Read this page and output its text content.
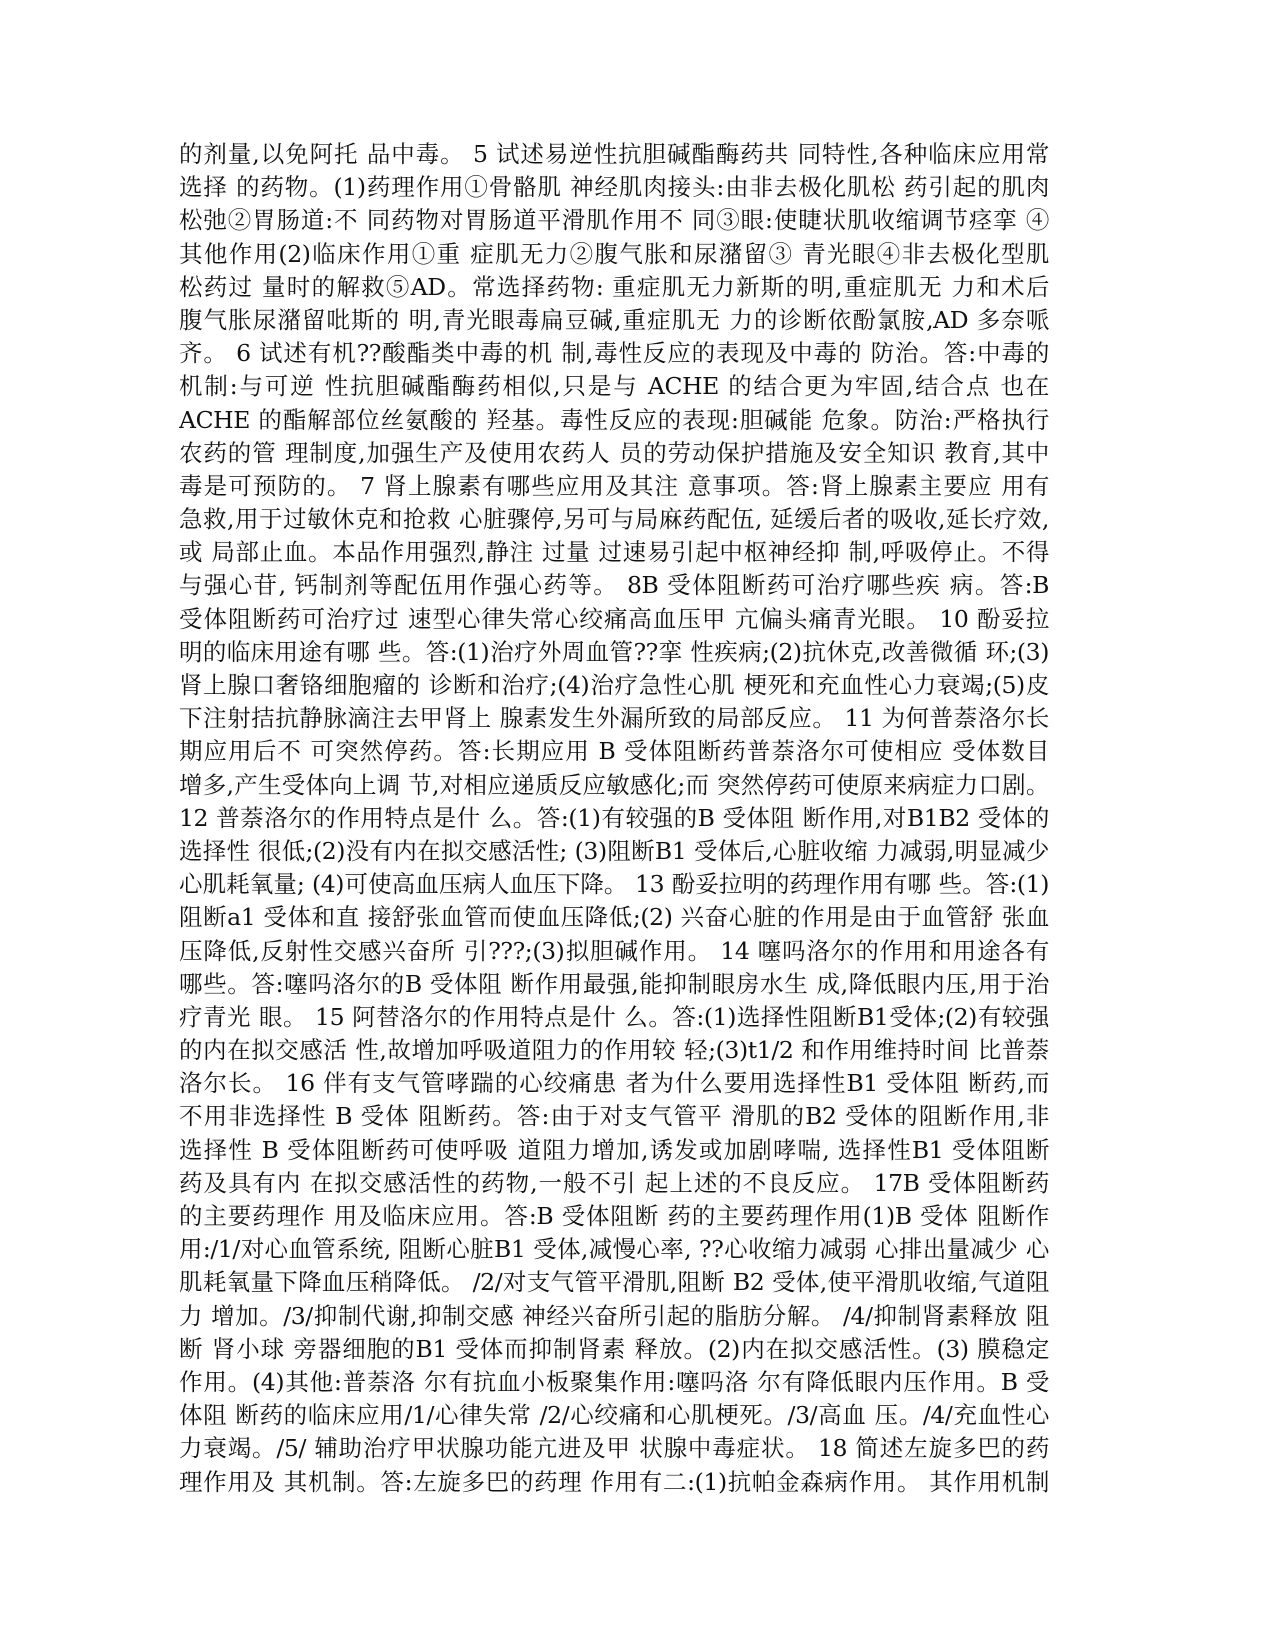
的剂量,以免阿托 品中毒。 5 试述易逆性抗胆碱酯酶药共 同特性,各种临床应用常
选择 的药物。(1)药理作用①骨骼肌 神经肌肉接头:由非去极化肌松 药引起的肌肉
松弛②胃肠道:不 同药物对胃肠道平滑肌作用不 同③眼:使睫状肌收缩调节痉挛 ④
其他作用(2)临床作用①重 症肌无力②腹气胀和尿潴留③ 青光眼④非去极化型肌
松药过 量时的解救⑤AD。常选择药物: 重症肌无力新斯的明,重症肌无 力和术后
腹气胀尿潴留吡斯的 明,青光眼毒扁豆碱,重症肌无 力的诊断依酚氯胺,AD 多奈哌
齐。 6 试述有机??酸酯类中毒的机 制,毒性反应的表现及中毒的 防治。答:中毒的
机制:与可逆 性抗胆碱酯酶药相似,只是与 ACHE 的结合更为牢固,结合点 也在
ACHE 的酯解部位丝氨酸的 羟基。毒性反应的表现:胆碱能 危象。防治:严格执行
农药的管 理制度,加强生产及使用农药人 员的劳动保护措施及安全知识 教育,其中
毒是可预防的。 7 肾上腺素有哪些应用及其注 意事项。答:肾上腺素主要应 用有
急救,用于过敏休克和抢救 心脏骤停,另可与局麻药配伍, 延缓后者的吸收,延长疗效,
或 局部止血。本品作用强烈,静注 过量 过速易引起中枢神经抑 制,呼吸停止。不得
与强心苷, 钙制剂等配伍用作强心药等。 8B 受体阻断药可治疗哪些疾 病。答:B
受体阻断药可治疗过 速型心律失常心绞痛高血压甲 亢偏头痛青光眼。 10 酚妥拉
明的临床用途有哪 些。答:(1)治疗外周血管??挛 性疾病;(2)抗休克,改善微循 环;(3)
肾上腺口奢铬细胞瘤的 诊断和治疗;(4)治疗急性心肌 梗死和充血性心力衰竭;(5)皮
下注射拮抗静脉滴注去甲肾上 腺素发生外漏所致的局部反应。 11 为何普萘洛尔长
期应用后不 可突然停药。答:长期应用 B 受体阻断药普萘洛尔可使相应 受体数目
增多,产生受体向上调 节,对相应递质反应敏感化;而 突然停药可使原来病症力口剧。
12 普萘洛尔的作用特点是什 么。答:(1)有较强的B 受体阻 断作用,对B1B2 受体的
选择性 很低;(2)没有内在拟交感活性; (3)阻断B1 受体后,心脏收缩 力减弱,明显减少
心肌耗氧量; (4)可使高血压病人血压下降。 13 酚妥拉明的药理作用有哪 些。答:(1)
阻断a1 受体和直 接舒张血管而使血压降低;(2) 兴奋心脏的作用是由于血管舒 张血
压降低,反射性交感兴奋所 引???;(3)拟胆碱作用。 14 噻吗洛尔的作用和用途各有
哪些。答:噻吗洛尔的B 受体阻 断作用最强,能抑制眼房水生 成,降低眼内压,用于治
疗青光 眼。 15 阿替洛尔的作用特点是什 么。答:(1)选择性阻断B1受体;(2)有较强
的内在拟交感活 性,故增加呼吸道阻力的作用较 轻;(3)t1/2 和作用维持时间 比普萘
洛尔长。 16 伴有支气管哮踹的心绞痛患 者为什么要用选择性B1 受体阻 断药,而
不用非选择性 B 受体 阻断药。答:由于对支气管平 滑肌的B2 受体的阻断作用,非
选择性 B 受体阻断药可使呼吸 道阻力增加,诱发或加剧哮喘, 选择性B1 受体阻断
药及具有内 在拟交感活性的药物,一般不引 起上述的不良反应。 17B 受体阻断药
的主要药理作 用及临床应用。答:B 受体阻断 药的主要药理作用(1)B 受体 阻断作
用:/1/对心血管系统, 阻断心脏B1 受体,减慢心率, ??心收缩力减弱 心排出量减少 心
肌耗氧量下降血压稍降低。 /2/对支气管平滑肌,阻断 B2 受体,使平滑肌收缩,气道阻
力 增加。/3/抑制代谢,抑制交感 神经兴奋所引起的脂肪分解。 /4/抑制肾素释放 阻
断 肾小球 旁器细胞的B1 受体而抑制肾素 释放。(2)内在拟交感活性。(3) 膜稳定
作用。(4)其他:普萘洛 尔有抗血小板聚集作用:噻吗洛 尔有降低眼内压作用。B 受
体阻 断药的临床应用/1/心律失常 /2/心绞痛和心肌梗死。/3/高血 压。/4/充血性心
力衰竭。/5/ 辅助治疗甲状腺功能亢进及甲 状腺中毒症状。 18 简述左旋多巴的药
理作用及 其机制。答:左旋多巴的药理 作用有二:(1)抗帕金森病作用。 其作用机制
